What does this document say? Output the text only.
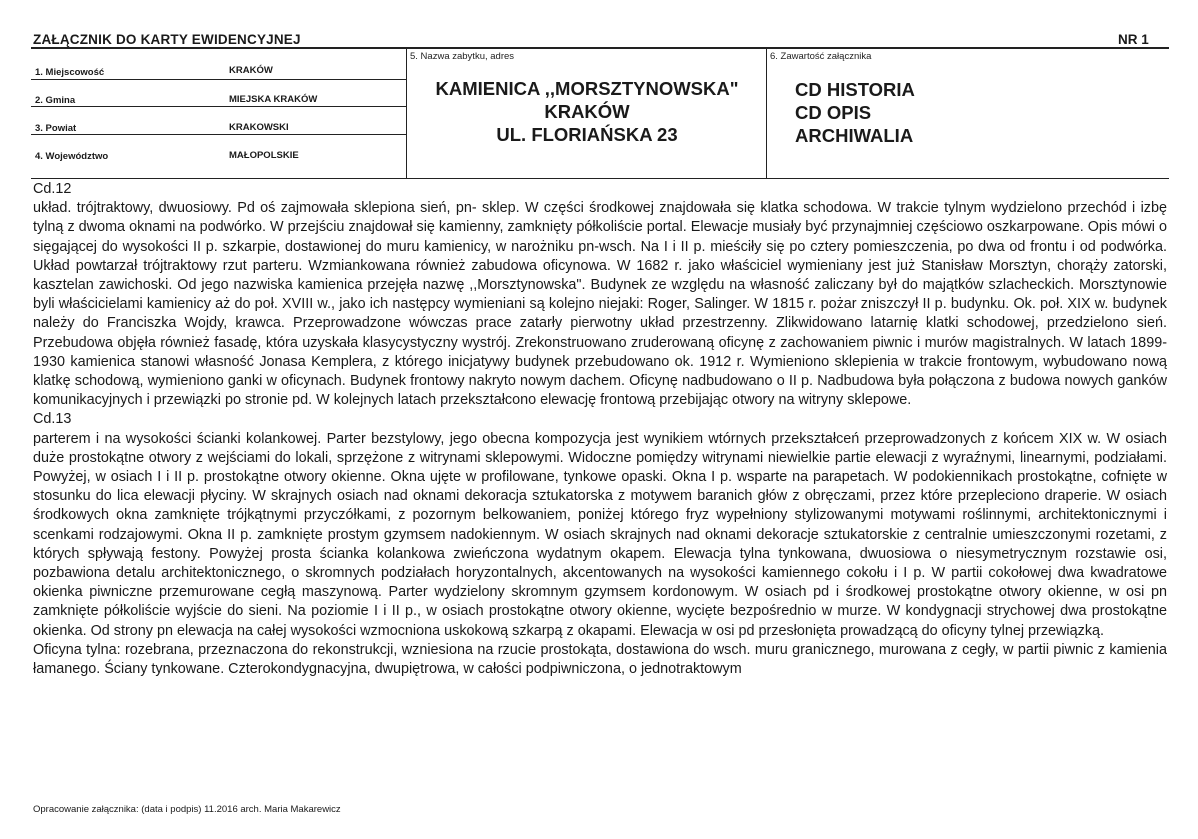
ZAŁĄCZNIK DO KARTY EWIDENCYJNEJ	NR 1
1. Miejscowość	KRAKÓW
2. Gmina	MIEJSKA KRAKÓW
3. Powiat	KRAKOWSKI
4. Województwo	MAŁOPOLSKIE
5. Nazwa zabytku, adres
KAMIENICA ,,MORSZTYNOWSKA"
KRAKÓW
UL. FLORIAŃSKA 23
6. Zawartość załącznika
CD HISTORIA
CD OPIS
ARCHIWALIA

Cd.12

układ. trójtraktowy, dwuosiowy. Pd oś zajmowała sklepiona sień, pn- sklep. W części środkowej znajdowała się klatka schodowa. W trakcie tylnym wydzielono przechód i izbę tylną z dwoma oknami na podwórko. W przejściu znajdował się kamienny, zamknięty półkoliście portal. Elewacje musiały być przynajmniej częściowo oszkarpowane. Opis mówi o sięgającej do wysokości II p. szkarpie, dostawionej do muru kamienicy, w narożniku pn-wsch. Na I i II p. mieściły się po cztery pomieszczenia, po dwa od frontu i od podwórka. Układ powtarzał trójtraktowy rzut parteru. Wzmiankowana również zabudowa oficynowa. W 1682 r. jako właściciel wymieniany jest już Stanisław Morsztyn, chorąży zatorski, kasztelan zawichoski. Od jego nazwiska kamienica przejęła nazwę ,,Morsztynowska". Budynek ze względu na własność zaliczany był do majątków szlacheckich. Morsztynowie byli właścicielami kamienicy aż do poł. XVIII w., jako ich następcy wymieniani są kolejno niejaki: Roger, Salinger. W 1815 r. pożar zniszczył II p. budynku. Ok. poł. XIX w. budynek należy do Franciszka Wojdy, krawca. Przeprowadzone wówczas prace zatarły pierwotny układ przestrzenny. Zlikwidowano latarnię klatki schodowej, przedzielono sień. Przebudowa objęła również fasadę, która uzyskała klasycystyczny wystrój. Zrekonstruowano zruderowaną oficynę z zachowaniem piwnic i murów magistralnych. W latach 1899-1930 kamienica stanowi własność Jonasa Kemplera, z którego inicjatywy budynek przebudowano ok. 1912 r. Wymieniono sklepienia w trakcie frontowym, wybudowano nową klatkę schodową, wymieniono ganki w oficynach. Budynek frontowy nakryto nowym dachem. Oficynę nadbudowano o II p. Nadbudowa była połączona z budowa nowych ganków komunikacyjnych i przewiązki po stronie pd. W kolejnych latach przekształcono elewację frontową przebijając otwory na witryny sklepowe.

Cd.13

parterem i na wysokości ścianki kolankowej. Parter bezstylowy, jego obecna kompozycja jest wynikiem wtórnych przekształceń przeprowadzonych z końcem XIX w. W osiach duże prostokątne otwory z wejściami do lokali, sprzężone z witrynami sklepowymi. Widoczne pomiędzy witrynami niewielkie partie elewacji z wyraźnymi, linearnymi, podziałami. Powyżej, w osiach I i II p. prostokątne otwory okienne. Okna ujęte w profilowane, tynkowe opaski. Okna I p. wsparte na parapetach. W podokiennikach prostokątne, cofnięte w stosunku do lica elewacji płyciny. W skrajnych osiach nad oknami dekoracja sztukatorska z motywem baranich głów z obręczami, przez które przepleciono draperie. W osiach środkowych okna zamknięte trójkątnymi przyczółkami, z pozornym belkowaniem, poniżej którego fryz wypełniony stylizowanymi motywami roślinnymi, architektonicznymi i scenkami rodzajowymi. Okna II p. zamknięte prostym gzymsem nadokiennym. W osiach skrajnych nad oknami dekoracje sztukatorskie z centralnie umieszczonymi rozetami, z których spływają festony. Powyżej prosta ścianka kolankowa zwieńczona wydatnym okapem. Elewacja tylna tynkowana, dwuosiowa o niesymetrycznym rozstawie osi, pozbawiona detalu architektonicznego, o skromnych podziałach horyzontalnych, akcentowanych na wysokości kamiennego cokołu i I p. W partii cokołowej dwa kwadratowe okienka piwniczne przemurowane cegłą maszynową. Parter wydzielony skromnym gzymsem kordonowym. W osiach pd i środkowej prostokątne otwory okienne, w osi pn zamknięte półkoliście wyjście do sieni. Na poziomie I i II p., w osiach prostokątne otwory okienne, wycięte bezpośrednio w murze. W kondygnacji strychowej dwa prostokątne okienka. Od strony pn elewacja na całej wysokości wzmocniona uskokową szkarpą z okapami. Elewacja w osi pd przesłonięta prowadzącą do oficyny tylnej przewiązką.

Oficyna tylna: rozebrana, przeznaczona do rekonstrukcji, wzniesiona na rzucie prostokąta, dostawiona do wsch. muru granicznego, murowana z cegły, w partii piwnic z kamienia łamanego. Ściany tynkowane. Czterokondygnacyjna, dwupiętrowa, w całości podpiwniczona, o jednotraktowym

Opracowanie załącznika: (data i podpis) 11.2016 arch. Maria Makarewicz
